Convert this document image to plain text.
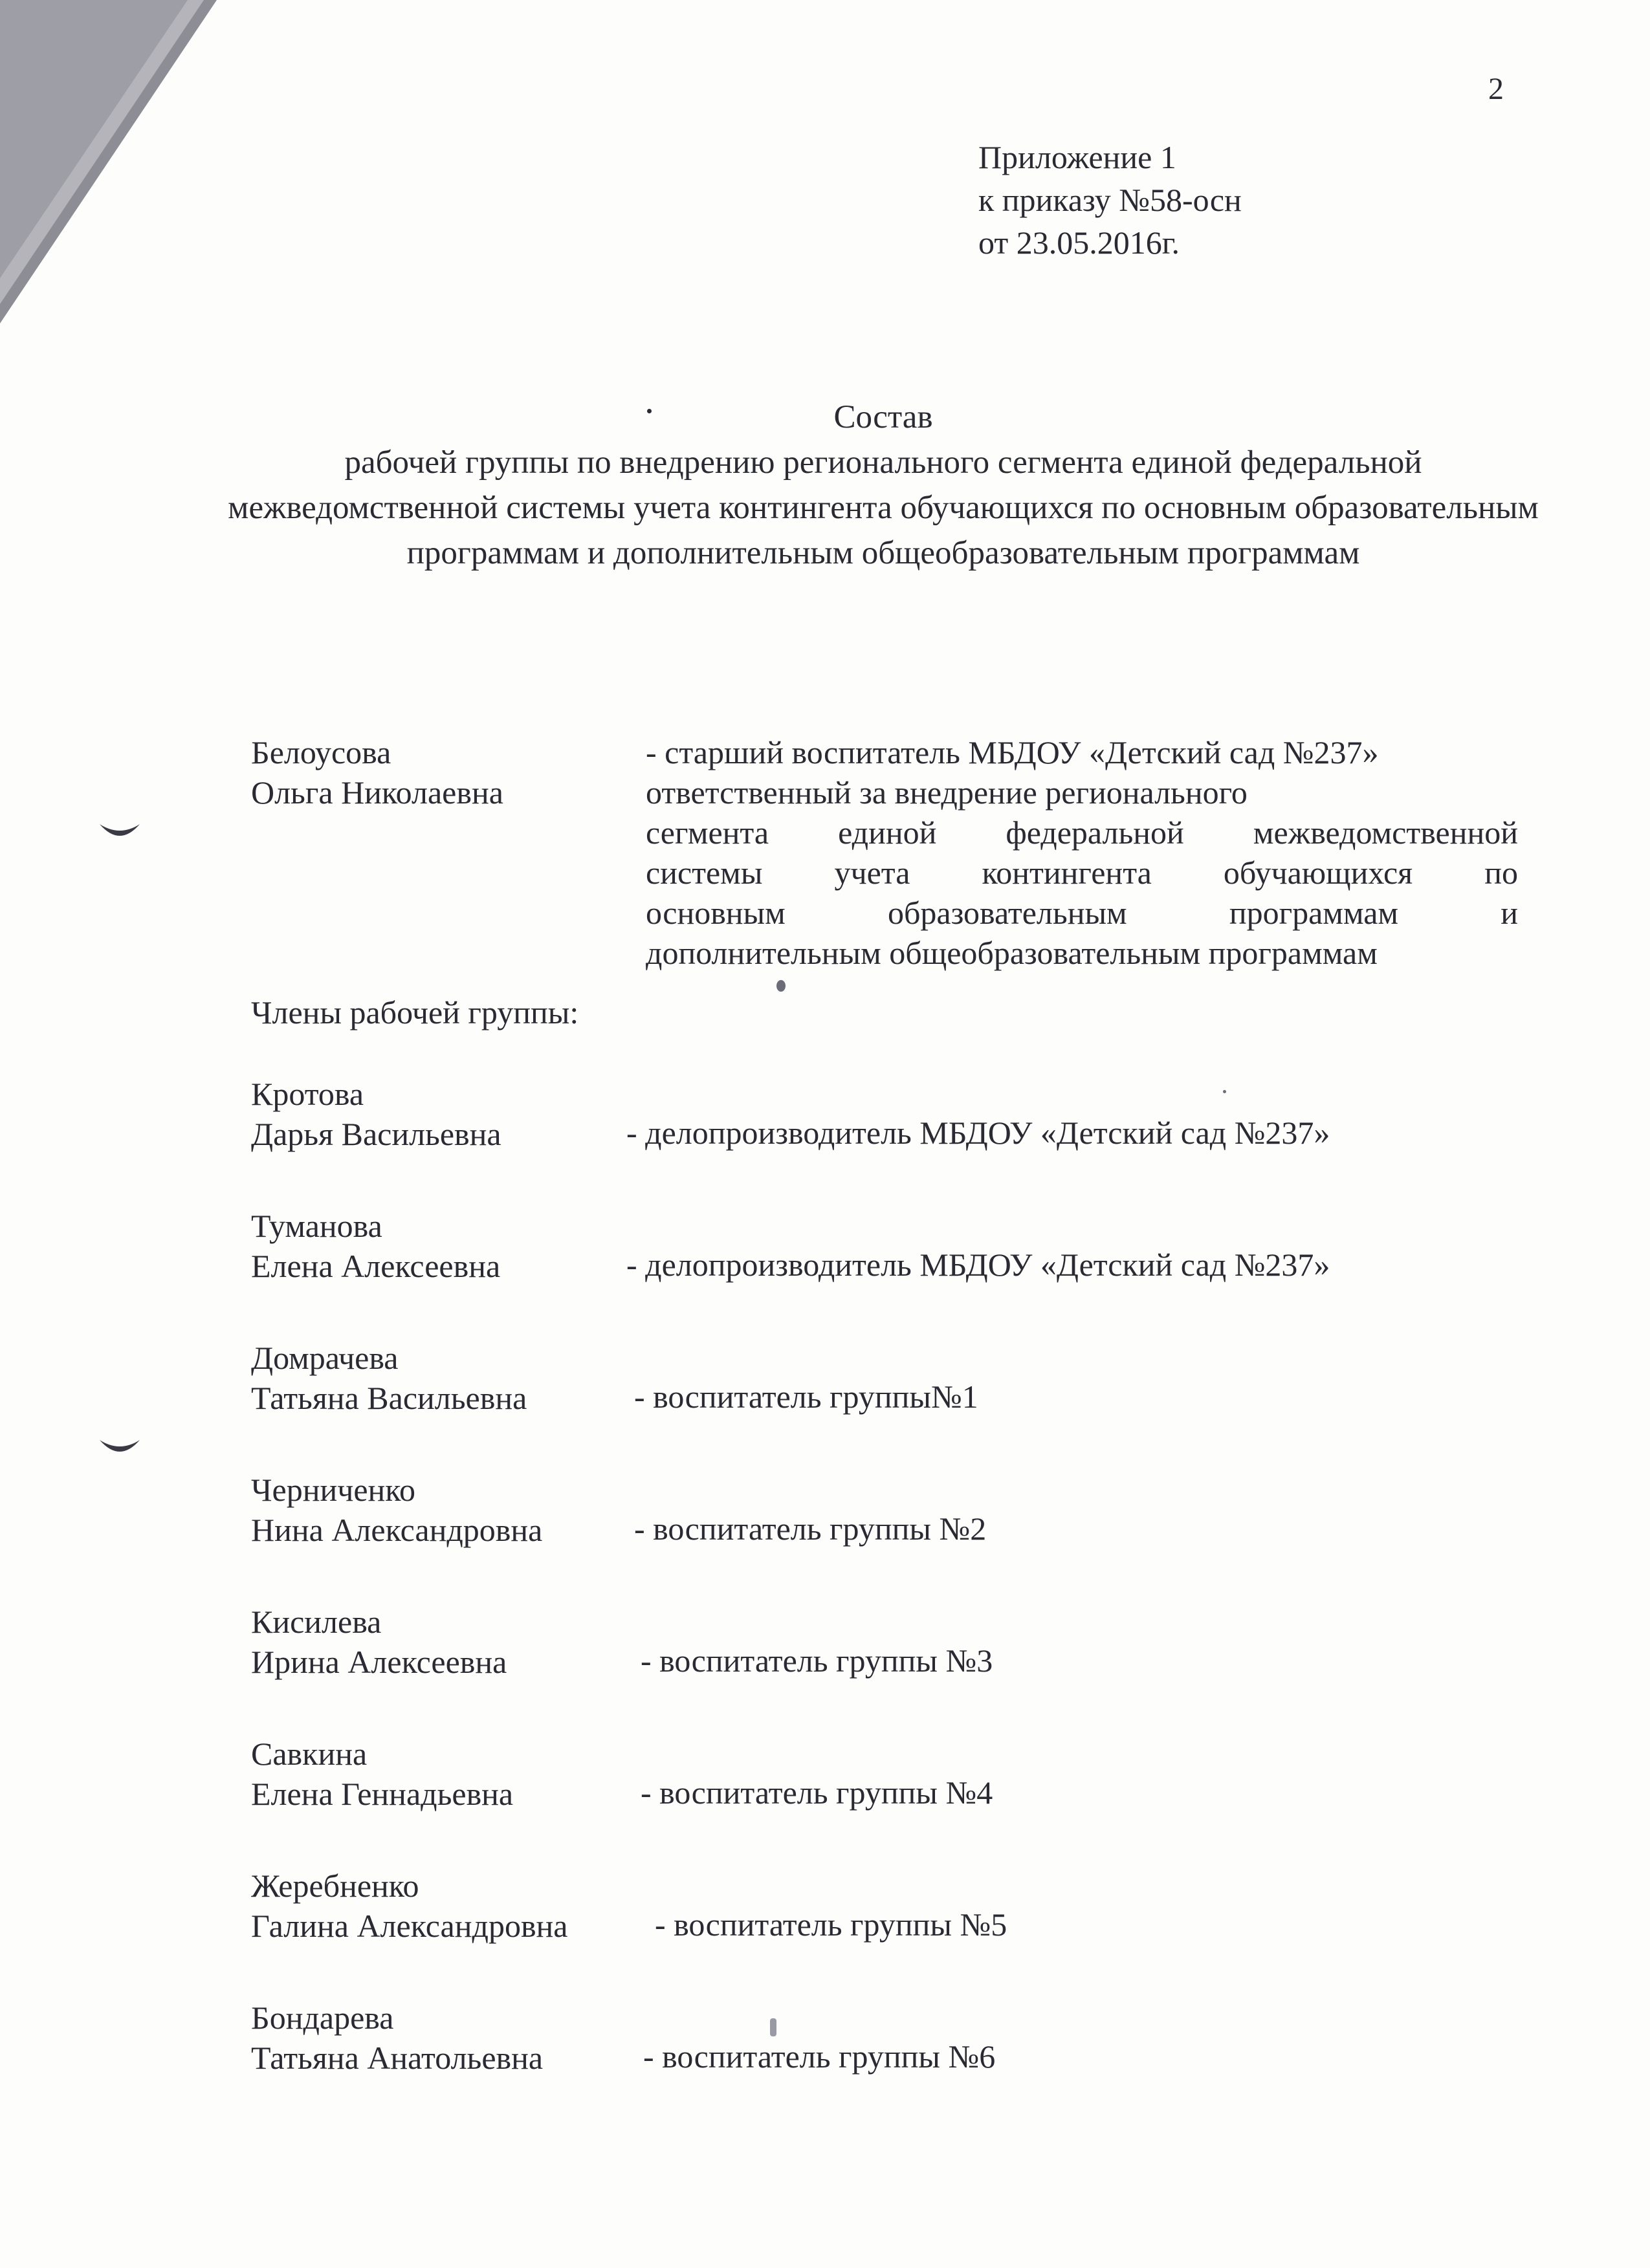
2
Приложение 1
к приказу №58-осн
от 23.05.2016г.
Состав
рабочей группы по внедрению регионального сегмента единой федеральной межведомственной системы учета контингента обучающихся по основным образовательным программам и дополнительным общеобразовательным программам
Белоусова
Ольга Николаевна
- старший воспитатель МБДОУ «Детский сад №237»
ответственный за внедрение регионального
сегмента единой федеральной межведомственной
системы учета контингента обучающихся по
основным	образовательным	программам	и
дополнительным общеобразовательным программам
Члены рабочей группы:
Кротова
Дарья Васильевна	- делопроизводитель МБДОУ «Детский сад №237»
Туманова
Елена Алексеевна	- делопроизводитель МБДОУ «Детский сад №237»
Домрачева
Татьяна Васильевна	- воспитатель группы№1
Черниченко
Нина Александровна	- воспитатель группы №2
Кисилева
Ирина Алексеевна	- воспитатель группы №3
Савкина
Елена Геннадьевна	- воспитатель группы №4
Жеребненко
Галина Александровна	- воспитатель группы №5
Бондарева
Татьяна Анатольевна	- воспитатель группы №6
